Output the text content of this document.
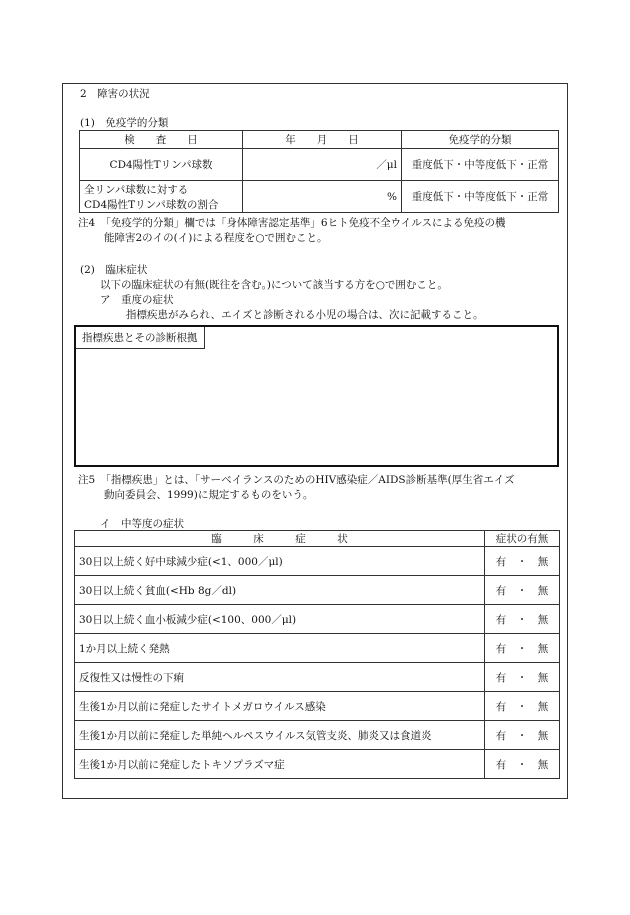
2　障害の状況
(1)　免疫学的分類
検　　査　　日	年　　月　　日	免疫学的分類
CD4陽性Tリンパ球数	／μl	重度低下・中等度低下・正常

全リンパ球数に対する
CD4陽性Tリンパ球数の割合	%	重度低下・中等度低下・正常
注4　「免疫学的分類」欄では「身体障害認定基準」6ヒト免疫不全ウイルスによる免疫の機
能障害2のイの(イ)による程度を○で囲むこと。
(2)　臨床症状
以下の臨床症状の有無(既往を含む。)について該当する方を○で囲むこと。
ア　重度の症状
指標疾患がみられ、エイズと診断される小児の場合は、次に記載すること。
指標疾患とその診断根拠
注5　「指標疾患」とは、「サーベイランスのためのHIV感染症／AIDS診断基準(厚生省エイズ
動向委員会、1999)に規定するものをいう。
イ　中等度の症状
臨　　　床　　　症　　　状	症状の有無
30日以上続く好中球減少症(<1、000／μl)	有　・　無
30日以上続く貧血(<Hb 8g／dl)	有　・　無
30日以上続く血小板減少症(<100、000／μl)	有　・　無
1か月以上続く発熱	有　・　無
反復性又は慢性の下痢	有　・　無
生後1か月以前に発症したサイトメガロウイルス感染	有　・　無
生後1か月以前に発症した単純ヘルペスウイルス気管支炎、肺炎又は食道炎	有　・　無
生後1か月以前に発症したトキソプラズマ症	有　・　無
